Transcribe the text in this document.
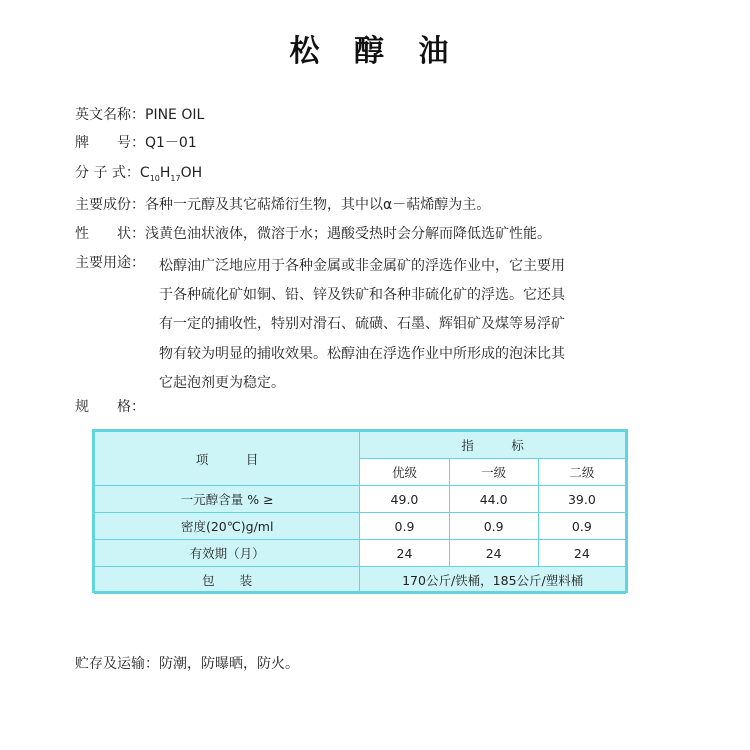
松 醇 油
英文名称：PINE OIL
牌　　号：Q1－01
分 子 式：$C_{10}H_{17}OH$
主要成份：各种一元醇及其它萜烯衍生物，其中以α－萜烯醇为主。
性　　状：浅黄色油状液体，微溶于水；遇酸受热时会分解而降低选矿性能。
主要用途： 松醇油广泛地应用于各种金属或非金属矿的浮选作业中，它主要用
于各种硫化矿如铜、铅、锌及铁矿和各种非硫化矿的浮选。它还具
有一定的捕收性，特别对滑石、硫磺、石墨、辉钼矿及煤等易浮矿
物有较为明显的捕收效果。松醇油在浮选作业中所形成的泡沫比其
它起泡剂更为稳定。
规　　格：
项　　　目	指　　　标		
	优级	一级	二级
一元醇含量 % ≥	49.0	44.0	39.0
密度(20℃)g/ml	0.9	0.9	0.9
有效期（月）	24	24	24
包　　装	170公斤/铁桶，185公斤/塑料桶		
贮存及运输：防潮，防曝晒，防火。
